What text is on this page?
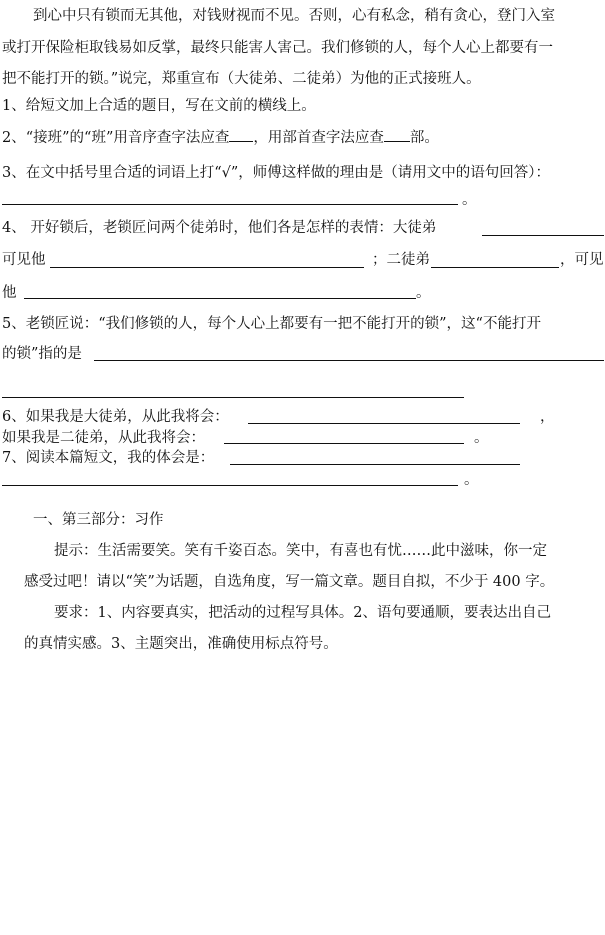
到心中只有锁而无其他，对钱财视而不见。否则，心有私念，稍有贪心，登门入室
或打开保险柜取钱易如反掌，最终只能害人害己。我们修锁的人，每个人心上都要有一
把不能打开的锁。”说完，郑重宣布（大徒弟、二徒弟）为他的正式接班人。
1、给短文加上合适的题目，写在文前的横线上。
2、“接班”的“班”用音序查字法应查 ，用部首查字法应查 部。
3、在文中括号里合适的词语上打“√”，师傅这样做的理由是（请用文中的语句回答）：
。
4、 开好锁后，老锁匠问两个徒弟时，他们各是怎样的表情：大徒弟
可见他	；二徒弟	，可见
他	。
5、老锁匠说：“我们修锁的人，每个人心上都要有一把不能打开的锁”，这“不能打开
的锁”指的是
6、如果我是大徒弟，从此我将会：	，
如果我是二徒弟，从此我将会：	。
7、阅读本篇短文，我的体会是：
。
一、第三部分：习作
提示：生活需要笑。笑有千姿百态。笑中，有喜也有忧……此中滋味，你一定
感受过吧！请以“笑”为话题，自选角度，写一篇文章。题目自拟，不少于 400 字。
要求：1、内容要真实，把活动的过程写具体。2、语句要通顺，要表达出自己
的真情实感。3、主题突出，准确使用标点符号。
